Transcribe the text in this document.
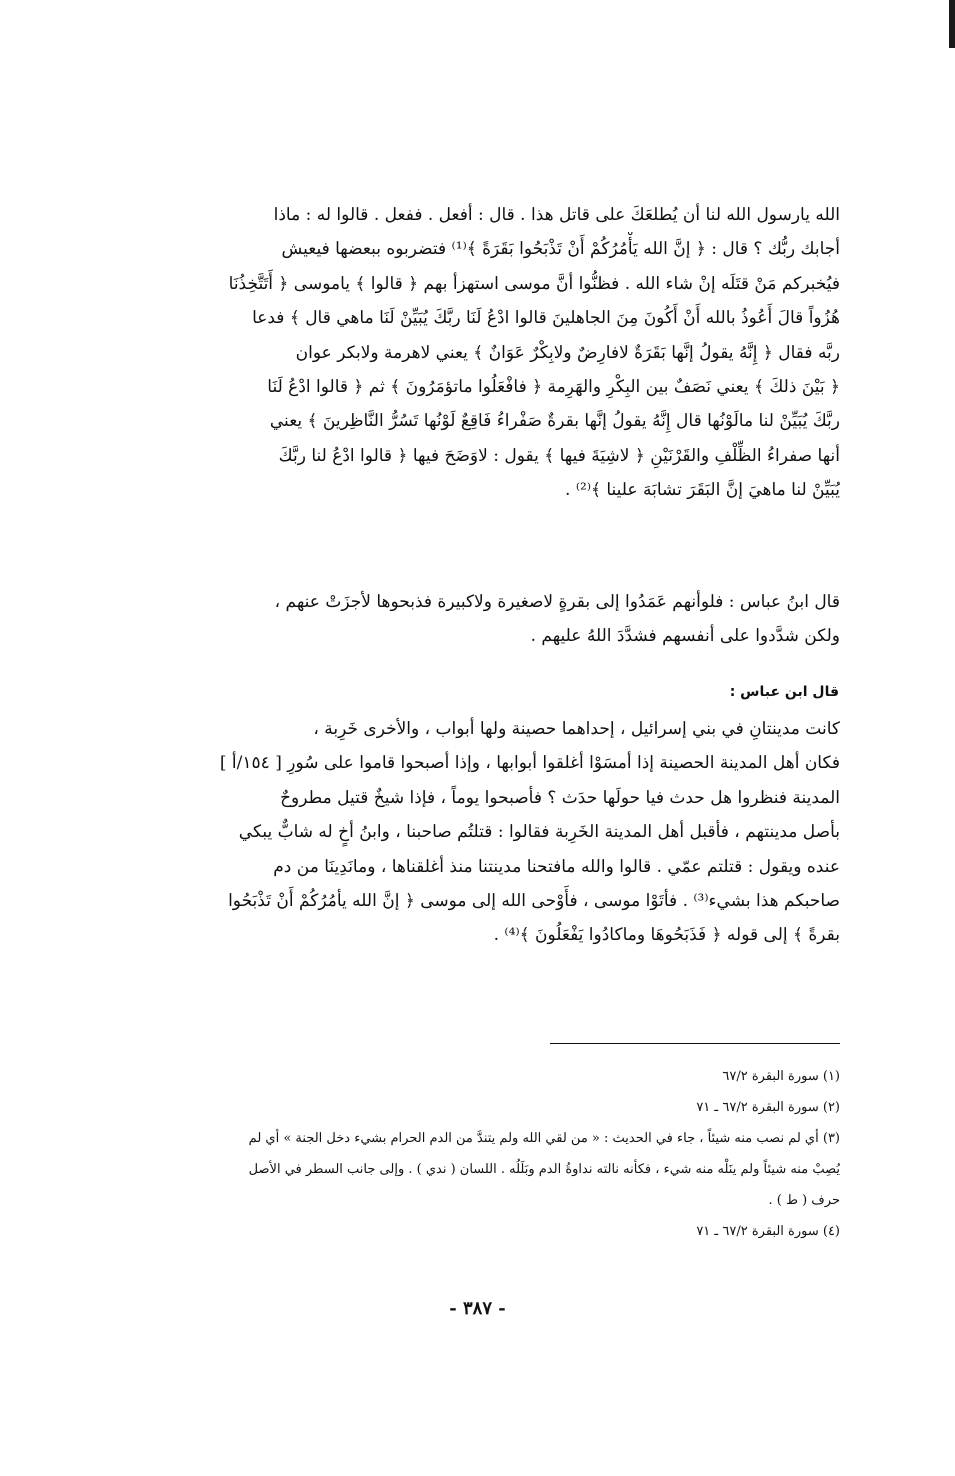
الله يارسول الله لنا أن يُطلعَكَ على قاتل هذا . قال : أفعل . ففعل . قالوا له : ماذا
أجابك ربُّك ؟ قال : ﴿ إنَّ الله يَأْمُرُكُمْ أَنْ تَذْبَحُوا بَقَرَةً ﴾⁽¹⁾ فتضربوه ببعضها فيعيش
فيُخبركم مَنْ قتَلَه إنْ شاء الله . فظنُّوا أنَّ موسى استهزأ بهم ﴿ قالوا ﴾ ياموسى ﴿ أَتَتَّخِذُنَا
هُزُواً قالَ أَعُوذُ بالله أَنْ أَكُونَ مِنَ الجاهلينَ قالوا ادْعُ لَنَا ربَّكَ يُبَيِّنْ لَنَا ماهي قال ﴾ فدعا
ربَّه فقال ﴿ إِنَّهُ يقولُ إنَّها بَقَرَةٌ لافارِضٌ ولابِكْرٌ عَوَانٌ ﴾ يعني لاهرمة ولابكر عوان
﴿ بَيْنَ ذلكَ ﴾ يعني نَصَفٌ بين البِكْرِ والهَرِمة ﴿ فافْعَلُوا ماتؤمَرُونَ ﴾ ثم ﴿ قالوا ادْعُ لَنَا
ربَّكَ يُبَيِّنْ لنا مالَوْنُها قال إِنَّهُ يقولُ إنَّها بقرةٌ صَفْراءُ فَاقِعٌ لَوْنُها تَسُرُّ النَّاظِرينَ ﴾ يعني
أنها صفراءُ الظِّلْفِ والقَرْنَيْنِ ﴿ لاشِيَةَ فيها ﴾ يقول : لاوَضَحَ فيها ﴿ قالوا ادْعُ لنا ربَّكَ
يُبَيِّنْ لنا ماهيَ إنَّ البَقَرَ تشابَهَ علينا ﴾⁽²⁾ .
قال ابنُ عباس : فلوأنهم عَمَدُوا إلى بقرةٍ لاصغيرة ولاكبيرة فذبحوها لأجزَتْ عنهم ،
ولكن شدَّدوا على أنفسهم فشدَّدَ اللهُ عليهم .
قال ابن عباس :
كانت مدينتانِ في بني إسرائيل ، إحداهما حصينة ولها أبواب ، والأخرى خَرِبة ،
فكان أهل المدينة الحصينة إذا أمسَوْا أغلقوا أبوابها ، وإذا أصبحوا قاموا على سُورِ [ ١٥٤/أ ]
المدينة فنظروا هل حدث فيا حولَها حدَث ؟ فأصبحوا يوماً ، فإذا شيخٌ قتيل مطروحٌ
بأصل مدينتهم ، فأقبل أهل المدينة الخَرِبة فقالوا : قتلتُم صاحبنا ، وابنُ أخٍ له شابٌّ يبكي
عنده ويقول : قتلتم عمّي . قالوا والله مافتحنا مدينتنا منذ أغلقناها ، ومانَدِينَا من دم
صاحبكم هذا بشيء⁽³⁾ . فأتَوْا موسى ، فأَوْحى الله إلى موسى ﴿ إنَّ الله يأمُرُكُمْ أَنْ تَذْبَحُوا
بقرةً ﴾ إلى قوله ﴿ فَذَبَحُوهَا وماكادُوا يَفْعَلُونَ ﴾⁽⁴⁾ .
(١) سورة البقرة ٦٧/٢
(٢) سورة البقرة ٦٧/٢ ـ ٧١
(٣) أي لم نصب منه شيئاً ، جاء في الحديث : « من لقي الله ولم يتندَّ من الدم الحرام بشيء دخل الجنة » أي لم
يُصِبْ منه شيئاً ولم ينَلْه منه شيء ، فكأنه نالته نداوةُ الدم وبَلَلُه . اللسان ( ندي ) . وإلى جانب السطر في الأصل
حرف ( ط ) .
(٤) سورة البقرة ٦٧/٢ ـ ٧١
- ٣٨٧ -
